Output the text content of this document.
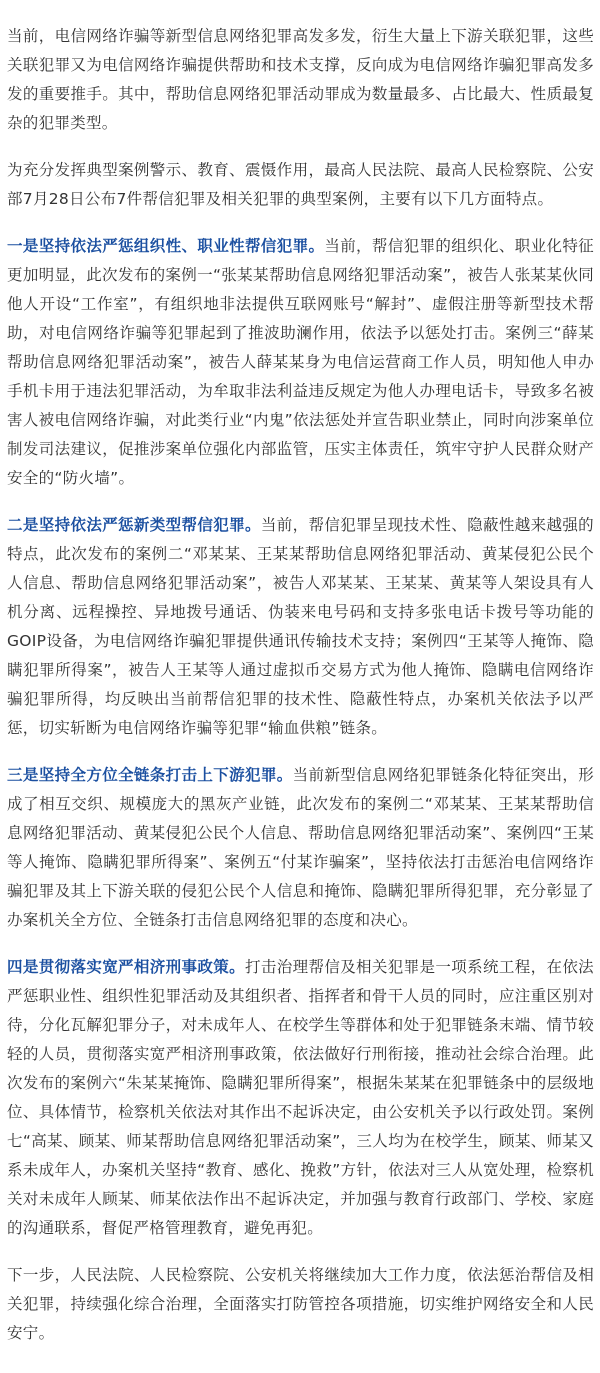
当前，电信网络诈骗等新型信息网络犯罪高发多发，衍生大量上下游关联犯罪，这些关联犯罪又为电信网络诈骗提供帮助和技术支撑，反向成为电信网络诈骗犯罪高发多发的重要推手。其中，帮助信息网络犯罪活动罪成为数量最多、占比最大、性质最复杂的犯罪类型。

为充分发挥典型案例警示、教育、震慑作用，最高人民法院、最高人民检察院、公安部7月28日公布7件帮信犯罪及相关犯罪的典型案例，主要有以下几方面特点。

一是坚持依法严惩组织性、职业性帮信犯罪。当前，帮信犯罪的组织化、职业化特征更加明显，此次发布的案例一“张某某帮助信息网络犯罪活动案”，被告人张某某伙同他人开设“工作室”，有组织地非法提供互联网账号“解封”、虚假注册等新型技术帮助，对电信网络诈骗等犯罪起到了推波助澜作用，依法予以惩处打击。案例三“薛某帮助信息网络犯罪活动案”，被告人薛某某身为电信运营商工作人员，明知他人申办手机卡用于违法犯罪活动，为牟取非法利益违反规定为他人办理电话卡，导致多名被害人被电信网络诈骗，对此类行业“内鬼”依法惩处并宣告职业禁止，同时向涉案单位制发司法建议，促推涉案单位强化内部监管，压实主体责任，筑牢守护人民群众财产安全的“防火墙”。

二是坚持依法严惩新类型帮信犯罪。当前，帮信犯罪呈现技术性、隐蔽性越来越强的特点，此次发布的案例二“邓某某、王某某帮助信息网络犯罪活动、黄某侵犯公民个人信息、帮助信息网络犯罪活动案”，被告人邓某某、王某某、黄某等人架设具有人机分离、远程操控、异地拨号通话、伪装来电号码和支持多张电话卡拨号等功能的GOIP设备，为电信网络诈骗犯罪提供通讯传输技术支持；案例四“王某等人掩饰、隐瞒犯罪所得案”，被告人王某等人通过虚拟币交易方式为他人掩饰、隐瞒电信网络诈骗犯罪所得，均反映出当前帮信犯罪的技术性、隐蔽性特点，办案机关依法予以严惩，切实斩断为电信网络诈骗等犯罪“输血供粮”链条。

三是坚持全方位全链条打击上下游犯罪。当前新型信息网络犯罪链条化特征突出，形成了相互交织、规模庞大的黑灰产业链，此次发布的案例二“邓某某、王某某帮助信息网络犯罪活动、黄某侵犯公民个人信息、帮助信息网络犯罪活动案”、案例四“王某等人掩饰、隐瞒犯罪所得案”、案例五“付某诈骗案”，坚持依法打击惩治电信网络诈骗犯罪及其上下游关联的侵犯公民个人信息和掩饰、隐瞒犯罪所得犯罪，充分彰显了办案机关全方位、全链条打击信息网络犯罪的态度和决心。

四是贯彻落实宽严相济刑事政策。打击治理帮信及相关犯罪是一项系统工程，在依法严惩职业性、组织性犯罪活动及其组织者、指挥者和骨干人员的同时，应注重区别对待，分化瓦解犯罪分子，对未成年人、在校学生等群体和处于犯罪链条末端、情节较轻的人员，贯彻落实宽严相济刑事政策，依法做好行刑衔接，推动社会综合治理。此次发布的案例六“朱某某掩饰、隐瞒犯罪所得案”，根据朱某某在犯罪链条中的层级地位、具体情节，检察机关依法对其作出不起诉决定，由公安机关予以行政处罚。案例七“高某、顾某、师某帮助信息网络犯罪活动案”，三人均为在校学生，顾某、师某又系未成年人，办案机关坚持“教育、感化、挽救”方针，依法对三人从宽处理，检察机关对未成年人顾某、师某依法作出不起诉决定，并加强与教育行政部门、学校、家庭的沟通联系，督促严格管理教育，避免再犯。

下一步，人民法院、人民检察院、公安机关将继续加大工作力度，依法惩治帮信及相关犯罪，持续强化综合治理，全面落实打防管控各项措施，切实维护网络安全和人民安宁。
